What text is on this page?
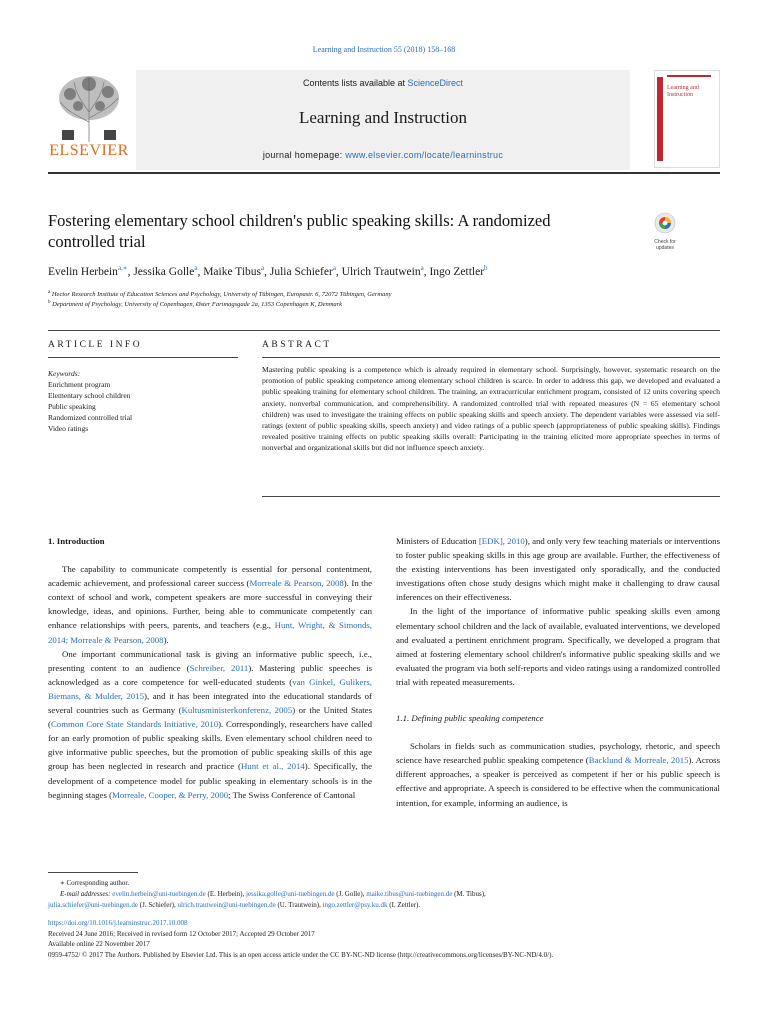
Learning and Instruction 55 (2018) 158–168
ELSEVIER
Contents lists available at ScienceDirect
Learning and Instruction
journal homepage: www.elsevier.com/locate/learninstruc
Learning and
Instruction
Fostering elementary school children's public speaking skills: A randomized
controlled trial	Check for
updates
Evelin Herbein$^{a,∗}$, Jessika Golle$^a$, Maike Tibus$^a$, Julia Schiefer$^a$, Ulrich Trautwein$^a$, Ingo Zettler$^b$
$^a$ Hector Research Institute of Education Sciences and Psychology, University of Tübingen, Europastr. 6, 72072 Tübingen, Germany
$^b$ Department of Psychology, University of Copenhagen, Øster Farimagsgade 2a, 1353 Copenhagen K, Denmark
ARTICLE INFO	ABSTRACT
Keywords:
Enrichment program
Elementary school children
Public speaking
Randomized controlled trial
Video ratings
Mastering public speaking is a competence which is already required in elementary school. Surprisingly, however, systematic research on the promotion of public speaking competence among elementary school children is scarce. In order to address this gap, we developed and evaluated a public speaking training for elementary school children. The training, an extracurricular enrichment program, consisted of 12 units covering speech anxiety, nonverbal communication, and comprehensibility. A randomized controlled trial with repeated measures (N = 65 elementary school children) was used to investigate the training effects on public speaking skills and speech anxiety. The dependent variables were assessed via self-ratings (extent of public speaking skills, speech anxiety) and video ratings of a public speech (appropriateness of public speaking skills). Findings revealed positive training effects on public speaking skills overall: Participating in the training elicited more appropriate speeches in terms of nonverbal and organizational skills but did not influence speech anxiety.

1. Introduction

The capability to communicate competently is essential for personal contentment, academic achievement, and professional career success (Morreale & Pearson, 2008). In the context of school and work, competent speakers are more successful in conveying their knowledge, ideas, and opinions. Further, being able to communicate competently can enhance relationships with peers, parents, and teachers (e.g., Hunt, Wright, & Simonds, 2014; Morreale & Pearson, 2008).

One important communicational task is giving an informative public speech, i.e., presenting content to an audience (Schreiber, 2011). Mastering public speeches is acknowledged as a core competence for well-educated students (van Ginkel, Gulikers, Biemans, & Mulder, 2015), and it has been integrated into the educational standards of several countries such as Germany (Kultusministerkonferenz, 2005) or the United States (Common Core State Standards Initiative, 2010). Correspondingly, researchers have called for an early promotion of public speaking skills. Even elementary school children need to give informative public speeches, but the promotion of public speaking skills of this age group has been neglected in research and practice (Hunt et al., 2014). Specifically, the development of a competence model for public speaking in elementary schools is in the beginning stages (Morreale, Cooper, & Perry, 2000; The Swiss Conference of Cantonal

Ministers of Education [EDK], 2010), and only very few teaching materials or interventions to foster public speaking skills in this age group are available. Further, the effectiveness of the existing interventions has been investigated only sporadically, and the conducted investigations often chose study designs which might make it challenging to draw causal inferences on their effectiveness.

In the light of the importance of informative public speaking skills even among elementary school children and the lack of available, evaluated interventions, we developed and evaluated a pertinent enrichment program. Specifically, we developed a program that aimed at fostering elementary school children's informative public speaking skills and we evaluated the program via both self-reports and video ratings using a randomized controlled trial with repeated measurements.

1.1. Defining public speaking competence

Scholars in fields such as communication studies, psychology, rhetoric, and speech science have researched public speaking competence (Backlund & Morreale, 2015). Across different approaches, a speaker is perceived as competent if her or his public speech is effective and appropriate. A speech is considered to be effective when the communicational intention, for example, informing an audience, is

∗ Corresponding author.
E-mail addresses: evelin.herbein@uni-tuebingen.de (E. Herbein), jessika.golle@uni-tuebingen.de (J. Golle), maike.tibus@uni-tuebingen.de (M. Tibus),
julia.schiefer@uni-tuebingen.de (J. Schiefer), ulrich.trautwein@uni-tuebingen.de (U. Trautwein), ingo.zettler@psy.ku.dk (I. Zettler).
https://doi.org/10.1016/j.learninstruc.2017.10.008
Received 24 June 2016; Received in revised form 12 October 2017; Accepted 29 October 2017
Available online 22 November 2017
0959-4752/ © 2017 The Authors. Published by Elsevier Ltd. This is an open access article under the CC BY-NC-ND license (http://creativecommons.org/licenses/BY-NC-ND/4.0/).
